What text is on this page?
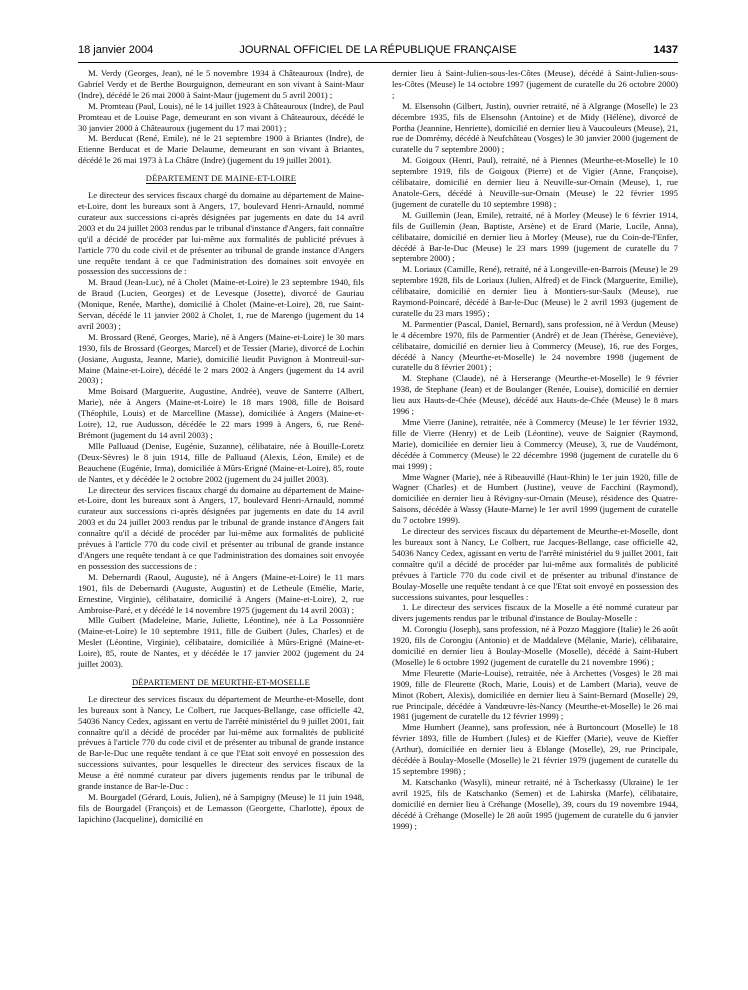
18 janvier 2004	JOURNAL OFFICIEL DE LA RÉPUBLIQUE FRANÇAISE	1437

M. Verdy (Georges, Jean), né le 5 novembre 1934 à Châteauroux (Indre), de Gabriel Verdy et de Berthe Bourguignon, demeurant en son vivant à Saint-Maur (Indre), décédé le 26 mai 2000 à Saint-Maur (jugement du 5 avril 2001) ;

M. Promteau (Paul, Louis), né le 14 juillet 1923 à Châteauroux (Indre), de Paul Promteau et de Louise Page, demeurant en son vivant à Châteauroux, décédé le 30 janvier 2000 à Châteauroux (jugement du 17 mai 2001) ;

M. Berducat (René, Emile), né le 21 septembre 1900 à Briantes (Indre), de Etienne Berducat et de Marie Delaume, demeurant en son vivant à Briantes, décédé le 26 mai 1973 à La Châtre (Indre) (jugement du 19 juillet 2001).

DÉPARTEMENT DE MAINE-ET-LOIRE

Le directeur des services fiscaux chargé du domaine au département de Maine-et-Loire, dont les bureaux sont à Angers, 17, boulevard Henri-Arnauld, nommé curateur aux successions ci-après désignées par jugements en date du 14 avril 2003 et du 24 juillet 2003 rendus par le tribunal d'instance d'Angers, fait connaître qu'il a décidé de procéder par lui-même aux formalités de publicité prévues à l'article 770 du code civil et de présenter au tribunal de grande instance d'Angers une requête tendant à ce que l'administration des domaines soit envoyée en possession des successions de :

M. Braud (Jean-Luc), né à Cholet (Maine-et-Loire) le 23 septembre 1940, fils de Braud (Lucien, Georges) et de Levesque (Josette), divorcé de Gauriau (Monique, Renée, Marthe), domicilié à Cholet (Maine-et-Loire), 28, rue Saint-Servan, décédé le 11 janvier 2002 à Cholet, 1, rue de Marengo (jugement du 14 avril 2003) ;

M. Brossard (René, Georges, Marie), né à Angers (Maine-et-Loire) le 30 mars 1930, fils de Brossard (Georges, Marcel) et de Tessier (Marie), divorcé de Lochin (Josiane, Augusta, Jeanne, Marie), domicilié lieudit Puvignon à Montreuil-sur-Maine (Maine-et-Loire), décédé le 2 mars 2002 à Angers (jugement du 14 avril 2003) ;

Mme Boisard (Marguerite, Augustine, Andrée), veuve de Santerre (Albert, Marie), née à Angers (Maine-et-Loire) le 18 mars 1908, fille de Boisard (Théophile, Louis) et de Marcelline (Masse), domiciliée à Angers (Maine-et-Loire), 12, rue Audusson, décédée le 22 mars 1999 à Angers, 6, rue René-Brémont (jugement du 14 avril 2003) ;

Mlle Palluaud (Denise, Eugénie, Suzanne), célibataire, née à Bouille-Loretz (Deux-Sèvres) le 8 juin 1914, fille de Palluaud (Alexis, Léon, Emile) et de Beauchene (Eugénie, Irma), domiciliée à Mûrs-Erigné (Maine-et-Loire), 85, route de Nantes, et y décédée le 2 octobre 2002 (jugement du 24 juillet 2003).

Le directeur des services fiscaux chargé du domaine au département de Maine-et-Loire, dont les bureaux sont à Angers, 17, boulevard Henri-Arnauld, nommé curateur aux successions ci-après désignées par jugements en date du 14 avril 2003 et du 24 juillet 2003 rendus par le tribunal de grande instance d'Angers fait connaître qu'il a décidé de procéder par lui-même aux formalités de publicité prévues à l'article 770 du code civil et présenter au tribunal de grande instance d'Angers une requête tendant à ce que l'administration des domaines soit envoyée en possession des successions de :

M. Debernardi (Raoul, Auguste), né à Angers (Maine-et-Loire) le 11 mars 1901, fils de Debernardi (Auguste, Augustin) et de Letheule (Emélie, Marie, Ernestine, Virginie), célibataire, domicilié à Angers (Maine-et-Loire), 2, rue Ambroise-Paré, et y décédé le 14 novembre 1975 (jugement du 14 avril 2003) ;

Mlle Guibert (Madeleine, Marie, Juliette, Léontine), née à La Possonnière (Maine-et-Loire) le 10 septembre 1911, fille de Guibert (Jules, Charles) et de Meslet (Léontine, Virginie), célibataire, domiciliée à Mûrs-Erigné (Maine-et-Loire), 85, route de Nantes, et y décédée le 17 janvier 2002 (jugement du 24 juillet 2003).

DÉPARTEMENT DE MEURTHE-ET-MOSELLE

Le directeur des services fiscaux du département de Meurthe-et-Moselle, dont les bureaux sont à Nancy, Le Colbert, rue Jacques-Bellange, case officielle 42, 54036 Nancy Cedex, agissant en vertu de l'arrêté ministériel du 9 juillet 2001, fait connaître qu'il a décidé de procéder par lui-même aux formalités de publicité prévues à l'article 770 du code civil et de présenter au tribunal de grande instance de Bar-le-Duc une requête tendant à ce que l'Etat soit envoyé en possession des successions suivantes, pour lesquelles le directeur des services fiscaux de la Meuse a été nommé curateur par divers jugements rendus par le tribunal de grande instance de Bar-le-Duc :

M. Bourgadel (Gérard, Louis, Julien), né à Sampigny (Meuse) le 11 juin 1948, fils de Bourgadel (François) et de Lemasson (Georgette, Charlotte), époux de Iapichino (Jacqueline), domicilié en

dernier lieu à Saint-Julien-sous-les-Côtes (Meuse), décédé à Saint-Julien-sous-les-Côtes (Meuse) le 14 octobre 1997 (jugement de curatelle du 26 octobre 2000) ;

M. Elsensohn (Gilbert, Justin), ouvrier retraité, né à Algrange (Moselle) le 23 décembre 1935, fils de Elsensohn (Antoine) et de Midy (Hélène), divorcé de Portha (Jeannine, Henriette), domicilié en dernier lieu à Vaucouleurs (Meuse), 21, rue de Domrémy, décédé à Neufchâteau (Vosges) le 30 janvier 2000 (jugement de curatelle du 7 septembre 2000) ;

M. Goigoux (Henri, Paul), retraité, né à Piennes (Meurthe-et-Moselle) le 10 septembre 1919, fils de Goigoux (Pierre) et de Vigier (Anne, Françoise), célibataire, domicilié en dernier lieu à Neuville-sur-Ornain (Meuse), 1, rue Anatole-Gers, décédé à Neuville-sur-Ornain (Meuse) le 22 février 1995 (jugement de curatelle du 10 septembre 1998) ;

M. Guillemin (Jean, Emile), retraité, né à Morley (Meuse) le 6 février 1914, fils de Guillemin (Jean, Baptiste, Arsène) et de Erard (Marie, Lucile, Anna), célibataire, domicilié en dernier lieu à Morley (Meuse), rue du Coin-de-l'Enfer, décédé à Bar-le-Duc (Meuse) le 23 mars 1999 (jugement de curatelle du 7 septembre 2000) ;

M. Loriaux (Camille, René), retraité, né à Longeville-en-Barrois (Meuse) le 29 septembre 1928, fils de Loriaux (Julien, Alfred) et de Finck (Marguerite, Emilie), célibataire, domicilié en dernier lieu à Montiers-sur-Saulx (Meuse), rue Raymond-Poincaré, décédé à Bar-le-Duc (Meuse) le 2 avril 1993 (jugement de curatelle du 23 mars 1995) ;

M. Parmentier (Pascal, Daniel, Bernard), sans profession, né à Verdun (Meuse) le 4 décembre 1970, fils de Parmentier (André) et de Jean (Thérèse, Geneviève), célibataire, domicilié en dernier lieu à Commercy (Meuse), 16, rue des Forges, décédé à Nancy (Meurthe-et-Moselle) le 24 novembre 1998 (jugement de curatelle du 8 février 2001) ;

M. Stephane (Claude), né à Herserange (Meurthe-et-Moselle) le 9 février 1938, de Stephane (Jean) et de Boulanger (Renée, Louise), domicilié en dernier lieu aux Hauts-de-Chée (Meuse), décédé aux Hauts-de-Chée (Meuse) le 8 mars 1996 ;

Mme Vierre (Janine), retraitée, née à Commercy (Meuse) le 1er février 1932, fille de Vierre (Henry) et de Leib (Léontine), veuve de Saignier (Raymond, Marie), domiciliée en dernier lieu à Commercy (Meuse), 3, rue de Vaudémont, décédée à Commercy (Meuse) le 22 décembre 1998 (jugement de curatelle du 6 mai 1999) ;

Mme Wagner (Marie), née à Ribeauvillé (Haut-Rhin) le 1er juin 1920, fille de Wagner (Charles) et de Humbert (Justine), veuve de Facchini (Raymond), domiciliée en dernier lieu à Révigny-sur-Ornain (Meuse), résidence des Quatre-Saisons, décédée à Wassy (Haute-Marne) le 1er avril 1999 (jugement de curatelle du 7 octobre 1999).

Le directeur des services fiscaux du département de Meurthe-et-Moselle, dont les bureaux sont à Nancy, Le Colbert, rue Jacques-Bellange, case officielle 42, 54036 Nancy Cedex, agissant en vertu de l'arrêté ministériel du 9 juillet 2001, fait connaître qu'il a décidé de procéder par lui-même aux formalités de publicité prévues à l'article 770 du code civil et de présenter au tribunal d'instance de Boulay-Moselle une requête tendant à ce que l'Etat soit envoyé en possession des successions suivantes, pour lesquelles :

1. Le directeur des services fiscaux de la Moselle a été nommé curateur par divers jugements rendus par le tribunal d'instance de Boulay-Moselle :

M. Corongiu (Joseph), sans profession, né à Pozzo Maggiore (Italie) le 26 août 1920, fils de Corongiu (Antonio) et de Maddaleve (Mélanie, Marie), célibataire, domicilié en dernier lieu à Boulay-Moselle (Moselle), décédé à Saint-Hubert (Moselle) le 6 octobre 1992 (jugement de curatelle du 21 novembre 1996) ;

Mme Fleurette (Marie-Louise), retraitée, née à Archettes (Vosges) le 28 mai 1909, fille de Fleurette (Roch, Marie, Louis) et de Lambert (Maria), veuve de Minot (Robert, Alexis), domiciliée en dernier lieu à Saint-Bernard (Moselle) 29, rue Principale, décédée à Vandœuvre-lès-Nancy (Meurthe-et-Moselle) le 26 mai 1981 (jugement de curatelle du 12 février 1999) ;

Mme Humbert (Jeanne), sans profession, née à Burtoncourt (Moselle) le 18 février 1893, fille de Humbert (Jules) et de Kieffer (Marie), veuve de Kieffer (Arthur), domiciliée en dernier lieu à Eblange (Moselle), 29, rue Principale, décédée à Boulay-Moselle (Moselle) le 21 février 1979 (jugement de curatelle du 15 septembre 1998) ;

M. Katschanko (Wasyli), mineur retraité, né à Tscherkassy (Ukraine) le 1er avril 1925, fils de Katschanko (Semen) et de Lahirska (Marfe), célibataire, domicilié en dernier lieu à Créhange (Moselle), 39, cours du 19 novembre 1944, décédé à Créhange (Moselle) le 28 août 1995 (jugement de curatelle du 6 janvier 1999) ;
